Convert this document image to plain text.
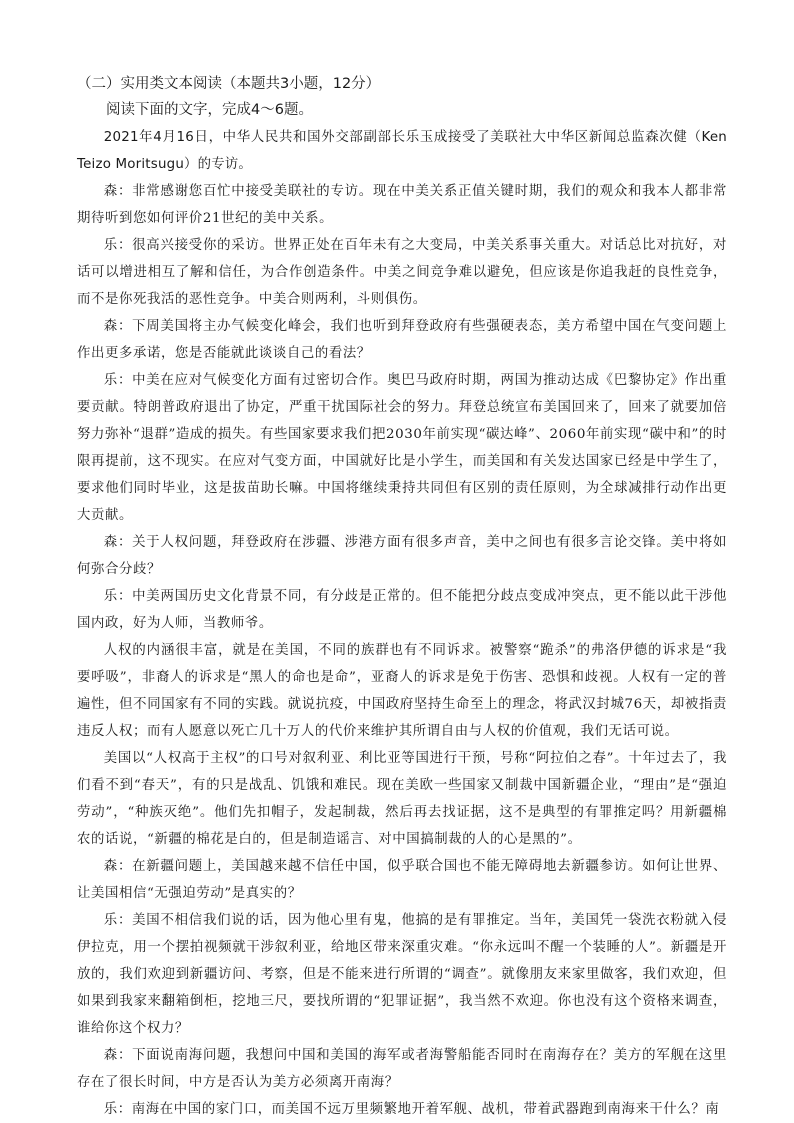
（二）实用类文本阅读（本题共3小题，12分）
阅读下面的文字，完成4～6题。

2021年4月16日，中华人民共和国外交部副部长乐玉成接受了美联社大中华区新闻总监森次健（Ken Teizo Moritsugu）的专访。

森：非常感谢您百忙中接受美联社的专访。现在中美关系正值关键时期，我们的观众和我本人都非常期待听到您如何评价21世纪的美中关系。

乐：很高兴接受你的采访。世界正处在百年未有之大变局，中美关系事关重大。对话总比对抗好，对话可以增进相互了解和信任，为合作创造条件。中美之间竞争难以避免，但应该是你追我赶的良性竞争，而不是你死我活的恶性竞争。中美合则两利，斗则俱伤。

森：下周美国将主办气候变化峰会，我们也听到拜登政府有些强硬表态，美方希望中国在气变问题上作出更多承诺，您是否能就此谈谈自己的看法？

乐：中美在应对气候变化方面有过密切合作。奥巴马政府时期，两国为推动达成《巴黎协定》作出重要贡献。特朗普政府退出了协定，严重干扰国际社会的努力。拜登总统宣布美国回来了，回来了就要加倍努力弥补“退群”造成的损失。有些国家要求我们把2030年前实现“碳达峰”、2060年前实现“碳中和”的时限再提前，这不现实。在应对气变方面，中国就好比是小学生，而美国和有关发达国家已经是中学生了，要求他们同时毕业，这是拔苗助长嘛。中国将继续秉持共同但有区别的责任原则，为全球减排行动作出更大贡献。

森：关于人权问题，拜登政府在涉疆、涉港方面有很多声音，美中之间也有很多言论交锋。美中将如何弥合分歧？

乐：中美两国历史文化背景不同，有分歧是正常的。但不能把分歧点变成冲突点，更不能以此干涉他国内政，好为人师，当教师爷。

人权的内涵很丰富，就是在美国，不同的族群也有不同诉求。被警察“跪杀”的弗洛伊德的诉求是“我要呼吸”，非裔人的诉求是“黑人的命也是命”，亚裔人的诉求是免于伤害、恐惧和歧视。人权有一定的普遍性，但不同国家有不同的实践。就说抗疫，中国政府坚持生命至上的理念，将武汉封城76天，却被指责违反人权；而有人愿意以死亡几十万人的代价来维护其所谓自由与人权的价值观，我们无话可说。

美国以“人权高于主权”的口号对叙利亚、利比亚等国进行干预，号称“阿拉伯之春”。十年过去了，我们看不到“春天”，有的只是战乱、饥饿和难民。现在美欧一些国家又制裁中国新疆企业，“理由”是“强迫劳动”，“种族灭绝”。他们先扣帽子，发起制裁，然后再去找证据，这不是典型的有罪推定吗？用新疆棉农的话说，“新疆的棉花是白的，但是制造谣言、对中国搞制裁的人的心是黑的”。

森：在新疆问题上，美国越来越不信任中国，似乎联合国也不能无障碍地去新疆参访。如何让世界、让美国相信“无强迫劳动”是真实的？

乐：美国不相信我们说的话，因为他心里有鬼，他搞的是有罪推定。当年，美国凭一袋洗衣粉就入侵伊拉克，用一个摆拍视频就干涉叙利亚，给地区带来深重灾难。“你永远叫不醒一个装睡的人”。新疆是开放的，我们欢迎到新疆访问、考察，但是不能来进行所谓的“调查”。就像朋友来家里做客，我们欢迎，但如果到我家来翻箱倒柜，挖地三尺，要找所谓的“犯罪证据”，我当然不欢迎。你也没有这个资格来调查，谁给你这个权力？

森：下面说南海问题，我想问中国和美国的海军或者海警船能否同时在南海存在？美方的军舰在这里存在了很长时间，中方是否认为美方必须离开南海？

乐：南海在中国的家门口，而美国不远万里频繁地开着军舰、战机，带着武器跑到南海来干什么？南
